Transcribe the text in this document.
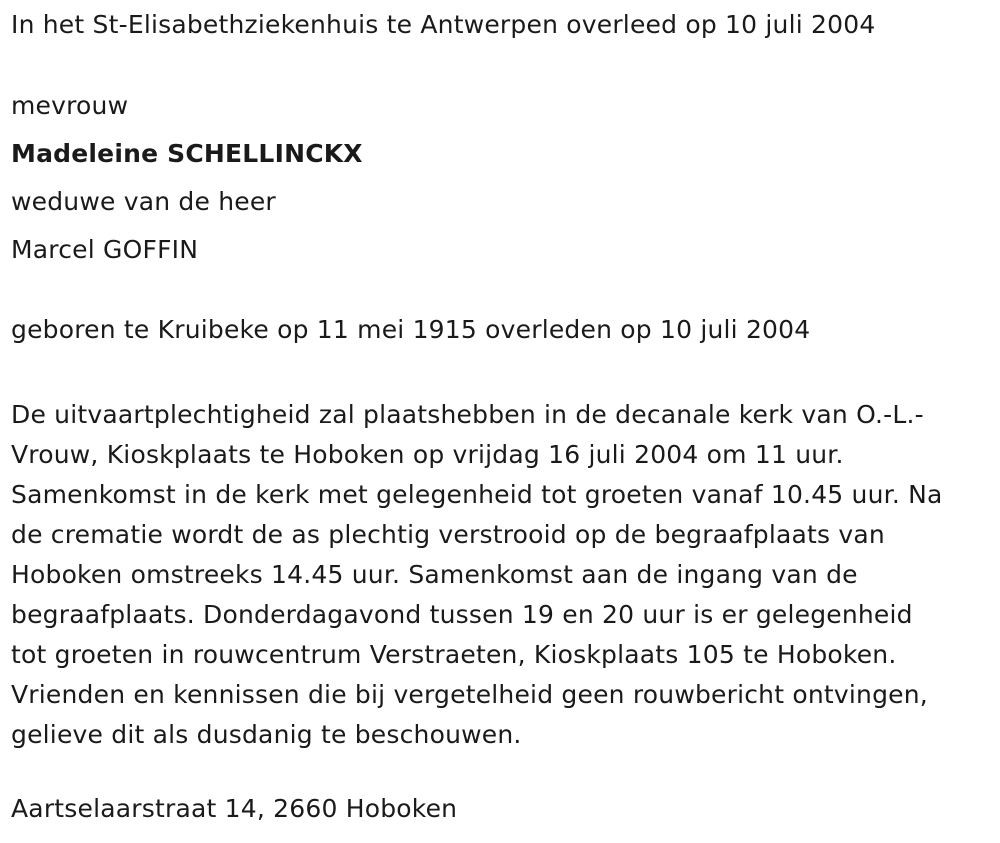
In het St-Elisabethziekenhuis te Antwerpen overleed op 10 juli 2004
mevrouw
Madeleine SCHELLINCKX
weduwe van de heer
Marcel GOFFIN
geboren te Kruibeke op 11 mei 1915 overleden op 10 juli 2004
De uitvaartplechtigheid zal plaatshebben in de decanale kerk van O.-L.-
Vrouw, Kioskplaats te Hoboken op vrijdag 16 juli 2004 om 11 uur.
Samenkomst in de kerk met gelegenheid tot groeten vanaf 10.45 uur. Na
de crematie wordt de as plechtig verstrooid op de begraafplaats van
Hoboken omstreeks 14.45 uur. Samenkomst aan de ingang van de
begraafplaats. Donderdagavond tussen 19 en 20 uur is er gelegenheid
tot groeten in rouwcentrum Verstraeten, Kioskplaats 105 te Hoboken.
Vrienden en kennissen die bij vergetelheid geen rouwbericht ontvingen,
gelieve dit als dusdanig te beschouwen.
Aartselaarstraat 14, 2660 Hoboken
